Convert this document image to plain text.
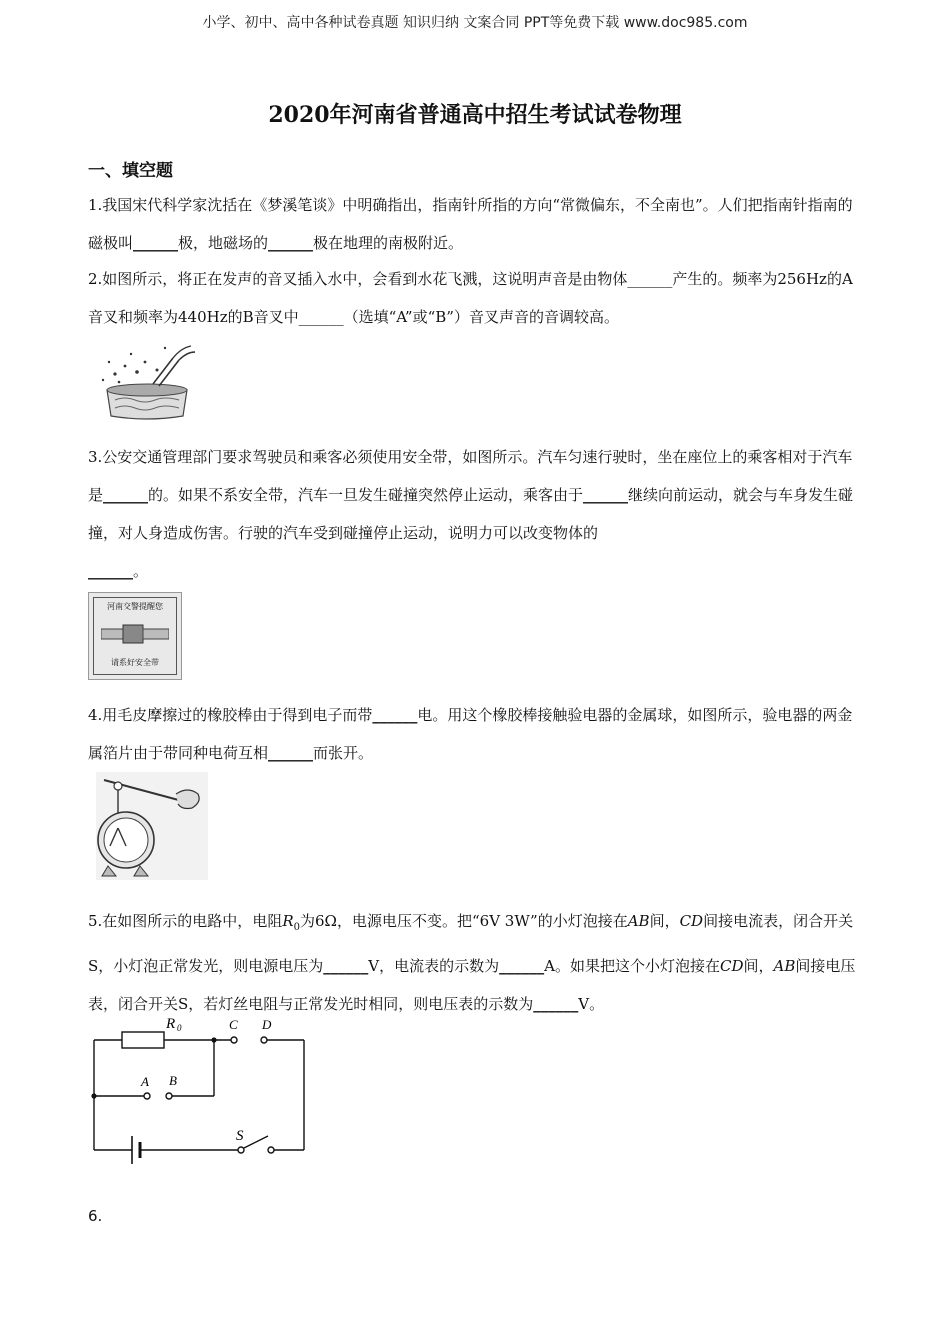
小学、初中、高中各种试卷真题 知识归纳 文案合同 PPT等免费下载 www.doc985.com
2020年河南省普通高中招生考试试卷物理
一、填空题

1.我国宋代科学家沈括在《梦溪笔谈》中明确指出，指南针所指的方向“常微偏东，不全南也”。人们把指南针指南的磁极叫______极，地磁场的______极在地理的南极附近。

2.如图所示，将正在发声的音叉插入水中，会看到水花飞溅，这说明声音是由物体______产生的。频率为256Hz的A音叉和频率为440Hz的B音叉中______（选填“A”或“B”）音叉声音的音调较高。

3.公安交通管理部门要求驾驶员和乘客必须使用安全带，如图所示。汽车匀速行驶时，坐在座位上的乘客相对于汽车是______的。如果不系安全带，汽车一旦发生碰撞突然停止运动，乘客由于______继续向前运动，就会与车身发生碰撞，对人身造成伤害。行驶的汽车受到碰撞停止运动，说明力可以改变物体的

______。

河南交警提醒您
请系好安全带

4.用毛皮摩擦过的橡胶棒由于得到电子而带______电。用这个橡胶棒接触验电器的金属球，如图所示，验电器的两金属箔片由于带同种电荷互相______而张开。

5.在如图所示的电路中，电阻$R_0$为6Ω，电源电压不变。把“6V 3W”的小灯泡接在AB间，CD间接电流表，闭合开关S，小灯泡正常发光，则电源电压为______V，电流表的示数为______A。如果把这个小灯泡接在CD间，AB间接电压表，闭合开关S，若灯丝电阻与正常发光时相同，则电压表的示数为______V。

R 0	C D
A B
S
6.
